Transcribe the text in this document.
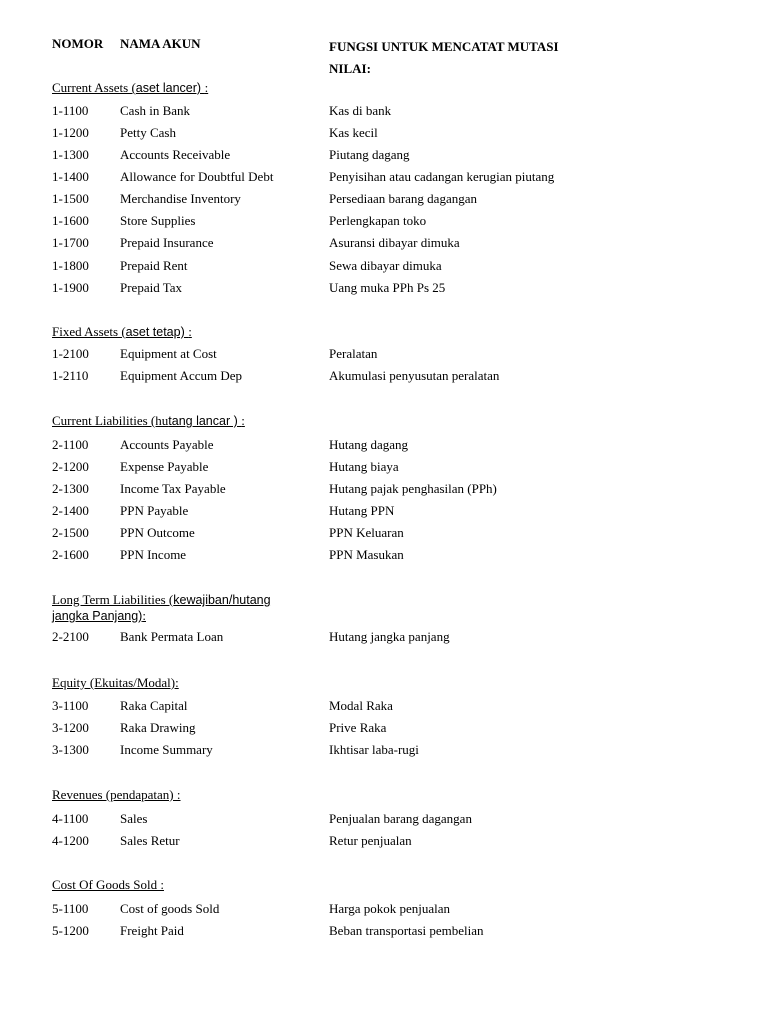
NOMOR NAMA AKUN	FUNGSI UNTUK MENCATAT MUTASI NILAI:
Current Assets (aset lancer) :
1-1100 Cash in Bank	Kas di bank
1-1200 Petty Cash	Kas kecil
1-1300 Accounts Receivable	Piutang dagang
1-1400 Allowance for Doubtful Debt	Penyisihan atau cadangan kerugian piutang
1-1500 Merchandise Inventory	Persediaan barang dagangan
1-1600 Store Supplies	Perlengkapan toko
1-1700 Prepaid Insurance	Asuransi dibayar dimuka
1-1800 Prepaid Rent	Sewa dibayar dimuka
1-1900 Prepaid Tax	Uang muka PPh Ps 25
Fixed Assets (aset tetap) :
1-2100 Equipment at Cost	Peralatan
1-2110 Equipment Accum Dep	Akumulasi penyusutan peralatan
Current Liabilities (hutang lancar ) :
2-1100 Accounts Payable	Hutang dagang
2-1200 Expense Payable	Hutang biaya
2-1300 Income Tax Payable	Hutang pajak penghasilan (PPh)
2-1400 PPN Payable	Hutang PPN
2-1500 PPN Outcome	PPN Keluaran
2-1600 PPN Income	PPN Masukan
Long Term Liabilities (kewajiban/hutang jangka Panjang):
2-2100 Bank Permata Loan	Hutang jangka panjang
Equity (Ekuitas/Modal):
3-1100 Raka Capital	Modal Raka
3-1200 Raka Drawing	Prive Raka
3-1300 Income Summary	Ikhtisar laba-rugi
Revenues (pendapatan) :
4-1100 Sales	Penjualan barang dagangan
4-1200 Sales Retur	Retur penjualan
Cost Of Goods Sold :
5-1100 Cost of goods Sold	Harga pokok penjualan
5-1200 Freight Paid	Beban transportasi pembelian
